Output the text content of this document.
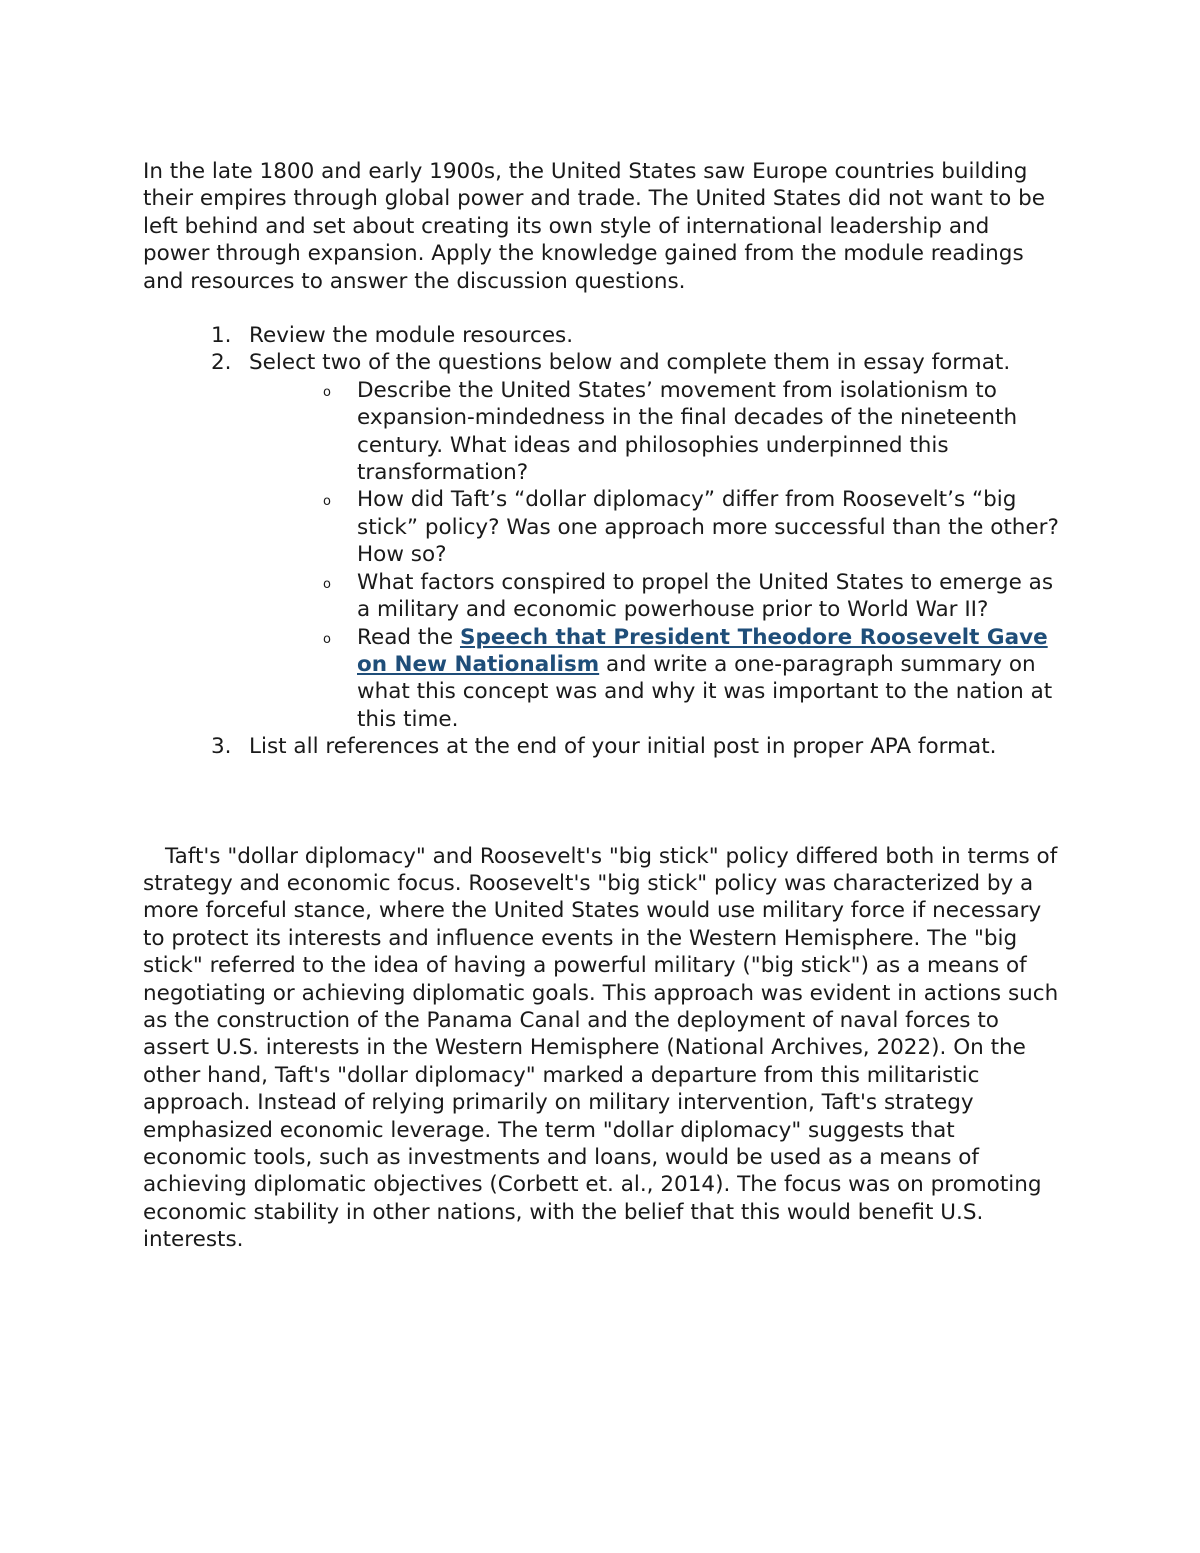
In the late 1800 and early 1900s, the United States saw Europe countries building their empires through global power and trade. The United States did not want to be left behind and set about creating its own style of international leadership and power through expansion. Apply the knowledge gained from the module readings and resources to answer the discussion questions.

1. Review the module resources.
2. Select two of the questions below and complete them in essay format.
o Describe the United States’ movement from isolationism to expansion-mindedness in the final decades of the nineteenth century. What ideas and philosophies underpinned this transformation?
o How did Taft’s “dollar diplomacy” differ from Roosevelt’s “big stick” policy? Was one approach more successful than the other? How so?
o What factors conspired to propel the United States to emerge as a military and economic powerhouse prior to World War II?
o Read the Speech that President Theodore Roosevelt Gave on New Nationalism and write a one-paragraph summary on what this concept was and why it was important to the nation at this time.
3. List all references at the end of your initial post in proper APA format.

Taft's "dollar diplomacy" and Roosevelt's "big stick" policy differed both in terms of strategy and economic focus. Roosevelt's "big stick" policy was characterized by a more forceful stance, where the United States would use military force if necessary to protect its interests and influence events in the Western Hemisphere. The "big stick" referred to the idea of having a powerful military ("big stick") as a means of negotiating or achieving diplomatic goals. This approach was evident in actions such as the construction of the Panama Canal and the deployment of naval forces to assert U.S. interests in the Western Hemisphere (National Archives, 2022). On the other hand, Taft's "dollar diplomacy" marked a departure from this militaristic approach. Instead of relying primarily on military intervention, Taft's strategy emphasized economic leverage. The term "dollar diplomacy" suggests that economic tools, such as investments and loans, would be used as a means of achieving diplomatic objectives (Corbett et. al., 2014). The focus was on promoting economic stability in other nations, with the belief that this would benefit U.S. interests.
